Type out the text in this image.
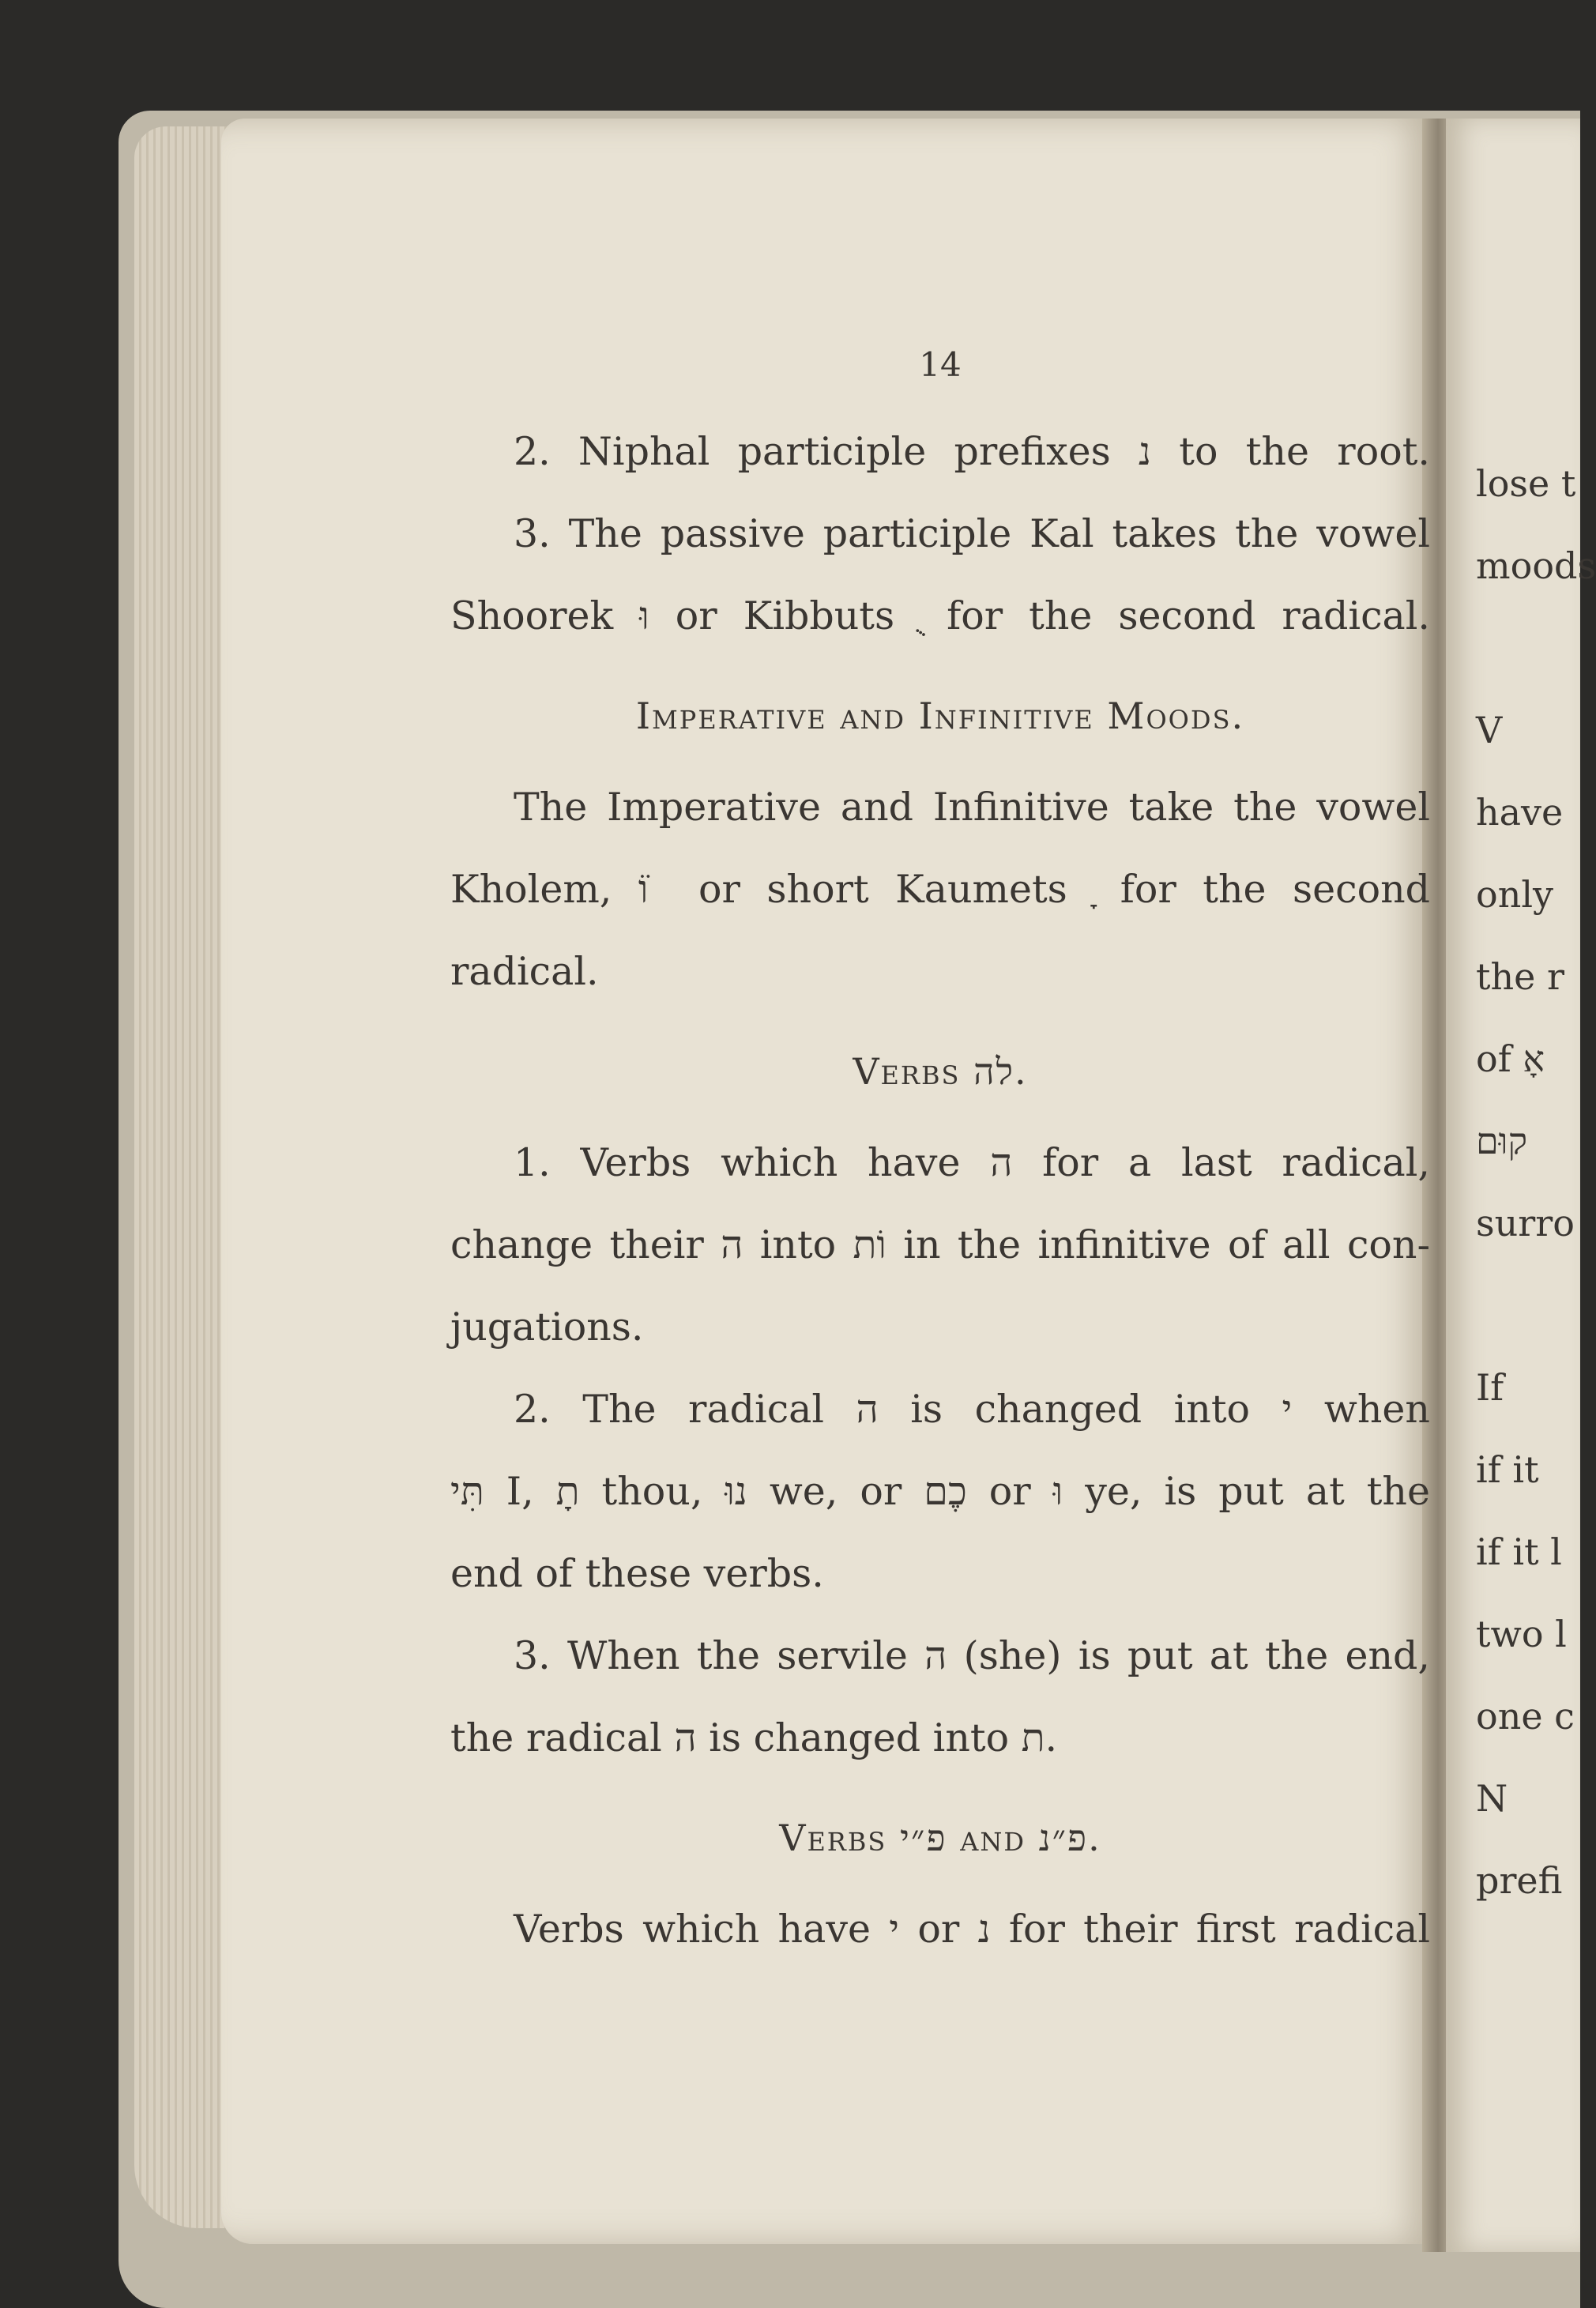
14
2. Niphal participle prefixes נ to the root.
3. The passive participle Kal takes the vowel
Shoorek וּ or Kibbuts ֻ for the second radical.
Imperative and Infinitive Moods.
The Imperative and Infinitive take the vowel
Kholem, וֹ ֹ or short Kaumets ָ for the second
radical.
Verbs לה.
1. Verbs which have ה for a last radical,
change their ה into וֹת in the infinitive of all con-
jugations.
2. The radical ה is changed into י when
תִּי I, תָ thou, נוּ we, or כֶם or וּ ye, is put at the
end of these verbs.
3. When the servile ה (she) is put at the end,
the radical ה is changed into ת.
Verbs פ״י and פ״נ.
Verbs which have י or נ for their first radical
lose t
moods
V
have
only
the r
of אָ
קוּם
surro
If
if it
if it l
two l
one c
N
prefi
